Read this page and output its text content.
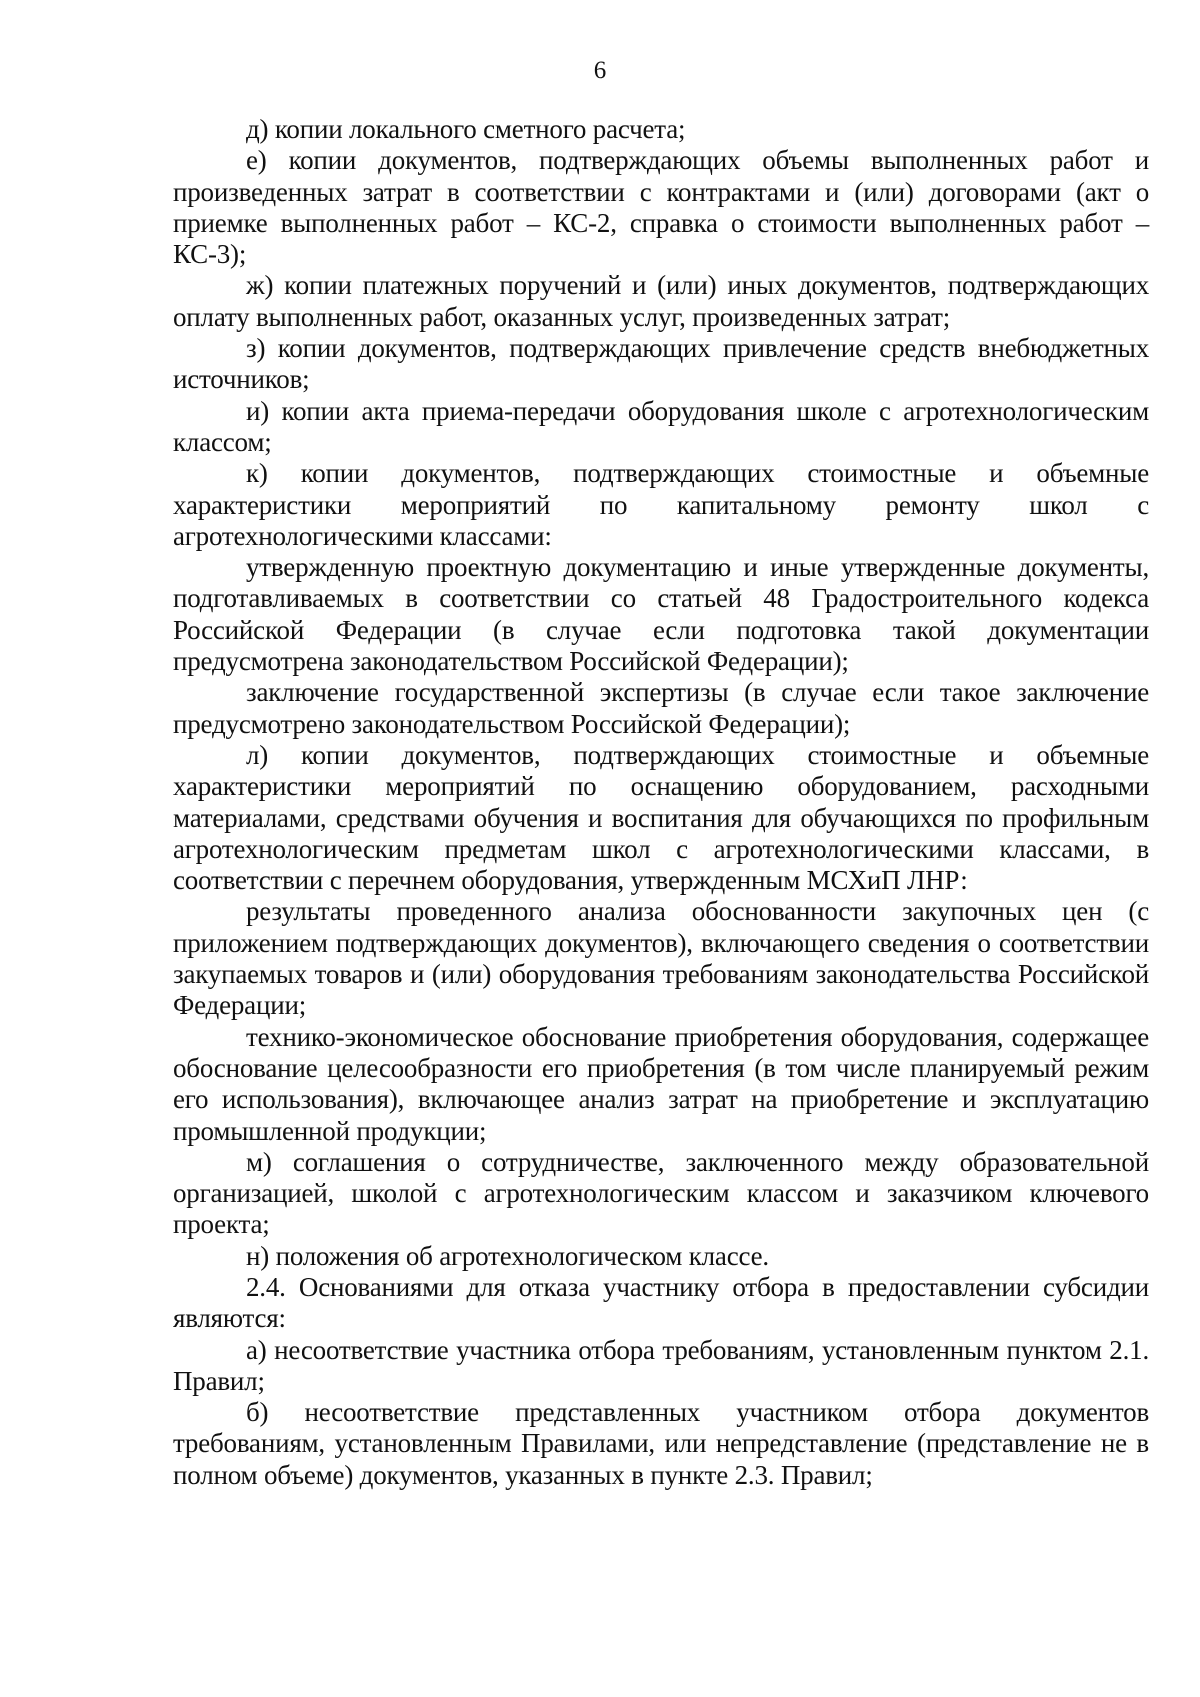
6

д) копии локального сметного расчета;

е) копии документов, подтверждающих объемы выполненных работ и произведенных затрат в соответствии с контрактами и (или) договорами (акт о приемке выполненных работ – КС-2, справка о стоимости выполненных работ – КС-3);

ж) копии платежных поручений и (или) иных документов, подтверждающих оплату выполненных работ, оказанных услуг, произведенных затрат;

з) копии документов, подтверждающих привлечение средств внебюджетных источников;

и) копии акта приема-передачи оборудования школе с агротехнологическим классом;

к) копии документов, подтверждающих стоимостные и объемные характеристики мероприятий по капитальному ремонту школ с агротехнологическими классами:

утвержденную проектную документацию и иные утвержденные документы, подготавливаемых в соответствии со статьей 48 Градостроительного кодекса Российской Федерации (в случае если подготовка такой документации предусмотрена законодательством Российской Федерации);

заключение государственной экспертизы (в случае если такое заключение предусмотрено законодательством Российской Федерации);

л) копии документов, подтверждающих стоимостные и объемные характеристики мероприятий по оснащению оборудованием, расходными материалами, средствами обучения и воспитания для обучающихся по профильным агротехнологическим предметам школ с агротехнологическими классами, в соответствии с перечнем оборудования, утвержденным МСХиП ЛНР:

результаты проведенного анализа обоснованности закупочных цен (с приложением подтверждающих документов), включающего сведения о соответствии закупаемых товаров и (или) оборудования требованиям законодательства Российской Федерации;

технико-экономическое обоснование приобретения оборудования, содержащее обоснование целесообразности его приобретения (в том числе планируемый режим его использования), включающее анализ затрат на приобретение и эксплуатацию промышленной продукции;

м) соглашения о сотрудничестве, заключенного между образовательной организацией, школой с агротехнологическим классом и заказчиком ключевого проекта;

н) положения об агротехнологическом классе.

2.4. Основаниями для отказа участнику отбора в предоставлении субсидии являются:

а) несоответствие участника отбора требованиям, установленным пунктом 2.1. Правил;

б) несоответствие представленных участником отбора документов требованиям, установленным Правилами, или непредставление (представление не в полном объеме) документов, указанных в пункте 2.3. Правил;
